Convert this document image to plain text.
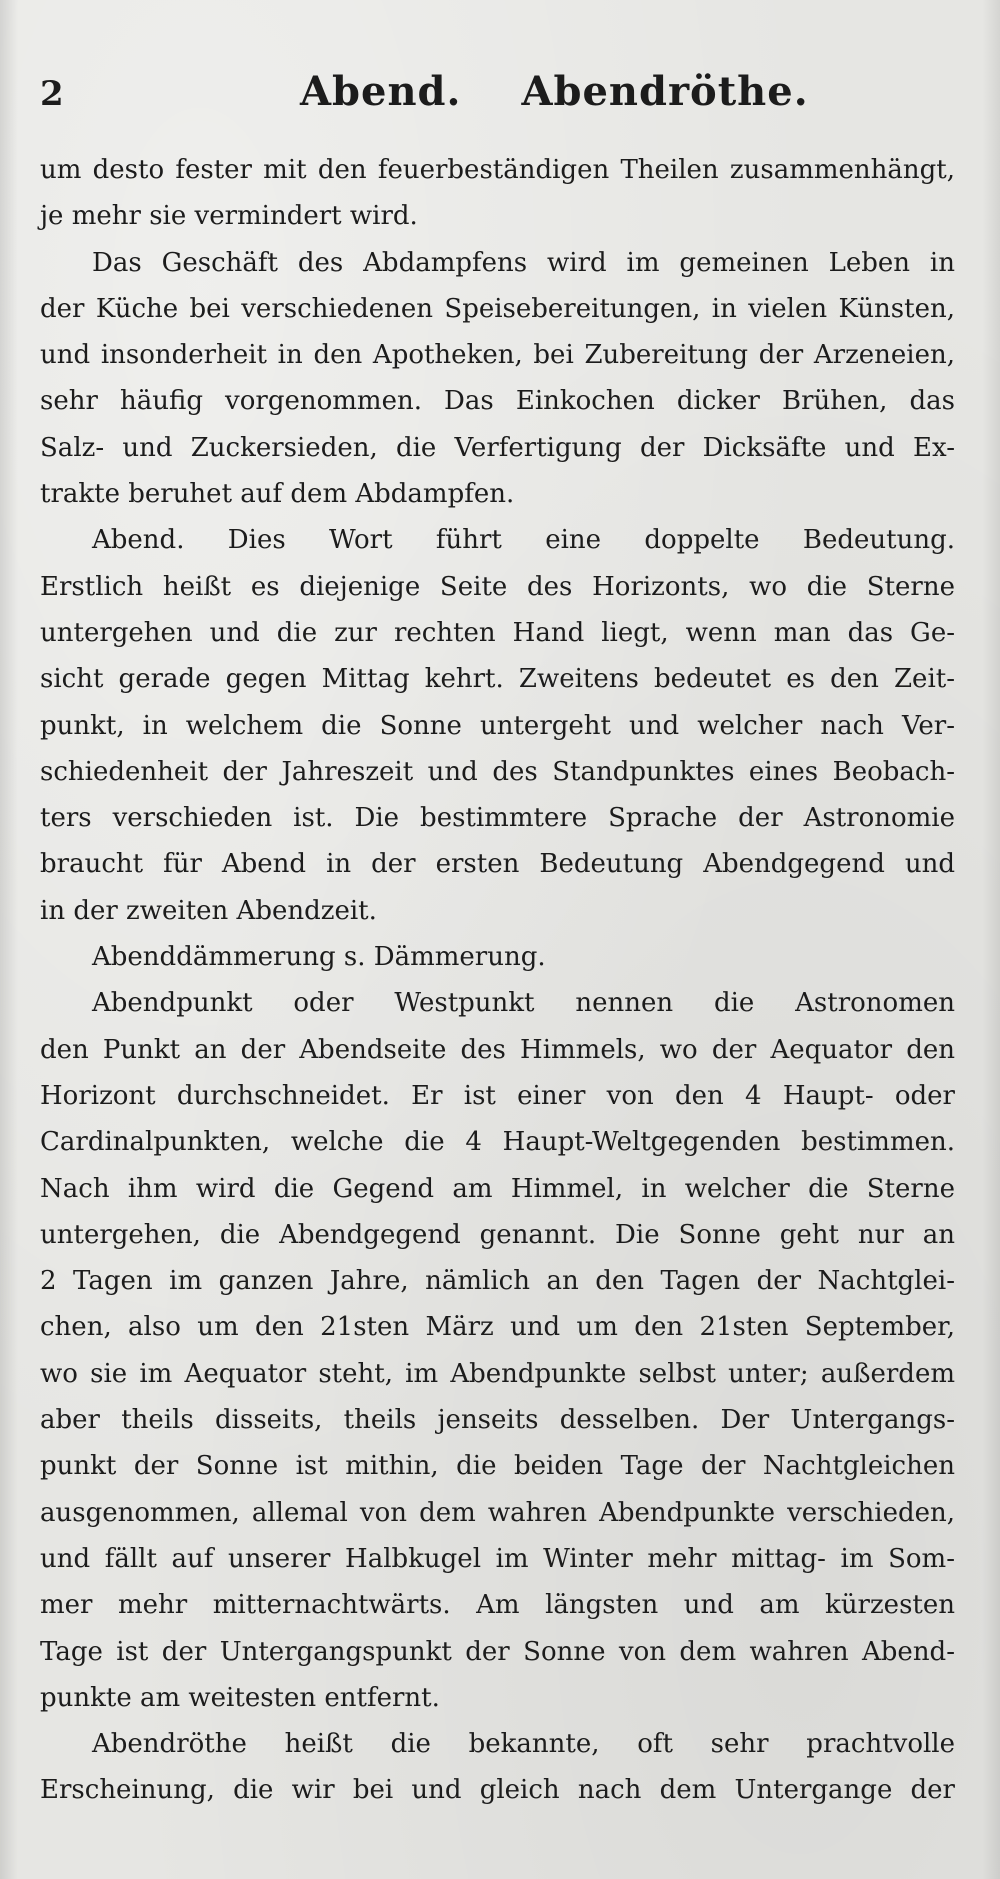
2	Abend. Abendröthe.
um desto fester mit den feuerbeständigen Theilen zusammenhängt,
je mehr sie vermindert wird.
  Das Geschäft des Abdampfens wird im gemeinen Leben in
der Küche bei verschiedenen Speisebereitungen, in vielen Künsten,
und insonderheit in den Apotheken, bei Zubereitung der Arzeneien,
sehr häufig vorgenommen. Das Einkochen dicker Brühen, das
Salz- und Zuckersieden, die Verfertigung der Dicksäfte und Ex-
trakte beruhet auf dem Abdampfen.
  Abend. Dies Wort führt eine doppelte Bedeutung.
Erstlich heißt es diejenige Seite des Horizonts, wo die Sterne
untergehen und die zur rechten Hand liegt, wenn man das Ge-
sicht gerade gegen Mittag kehrt. Zweitens bedeutet es den Zeit-
punkt, in welchem die Sonne untergeht und welcher nach Ver-
schiedenheit der Jahreszeit und des Standpunktes eines Beobach-
ters verschieden ist. Die bestimmtere Sprache der Astronomie
braucht für Abend in der ersten Bedeutung Abendgegend und
in der zweiten Abendzeit.
  Abenddämmerung s. Dämmerung.
  Abendpunkt oder Westpunkt nennen die Astronomen
den Punkt an der Abendseite des Himmels, wo der Aequator den
Horizont durchschneidet. Er ist einer von den 4 Haupt- oder
Cardinalpunkten, welche die 4 Haupt-Weltgegenden bestimmen.
Nach ihm wird die Gegend am Himmel, in welcher die Sterne
untergehen, die Abendgegend genannt. Die Sonne geht nur an
2 Tagen im ganzen Jahre, nämlich an den Tagen der Nachtglei-
chen, also um den 21sten März und um den 21sten September,
wo sie im Aequator steht, im Abendpunkte selbst unter; außerdem
aber theils disseits, theils jenseits desselben. Der Untergangs-
punkt der Sonne ist mithin, die beiden Tage der Nachtgleichen
ausgenommen, allemal von dem wahren Abendpunkte verschieden,
und fällt auf unserer Halbkugel im Winter mehr mittag- im Som-
mer mehr mitternachtwärts. Am längsten und am kürzesten
Tage ist der Untergangspunkt der Sonne von dem wahren Abend-
punkte am weitesten entfernt.
  Abendröthe heißt die bekannte, oft sehr prachtvolle
Erscheinung, die wir bei und gleich nach dem Untergange der
